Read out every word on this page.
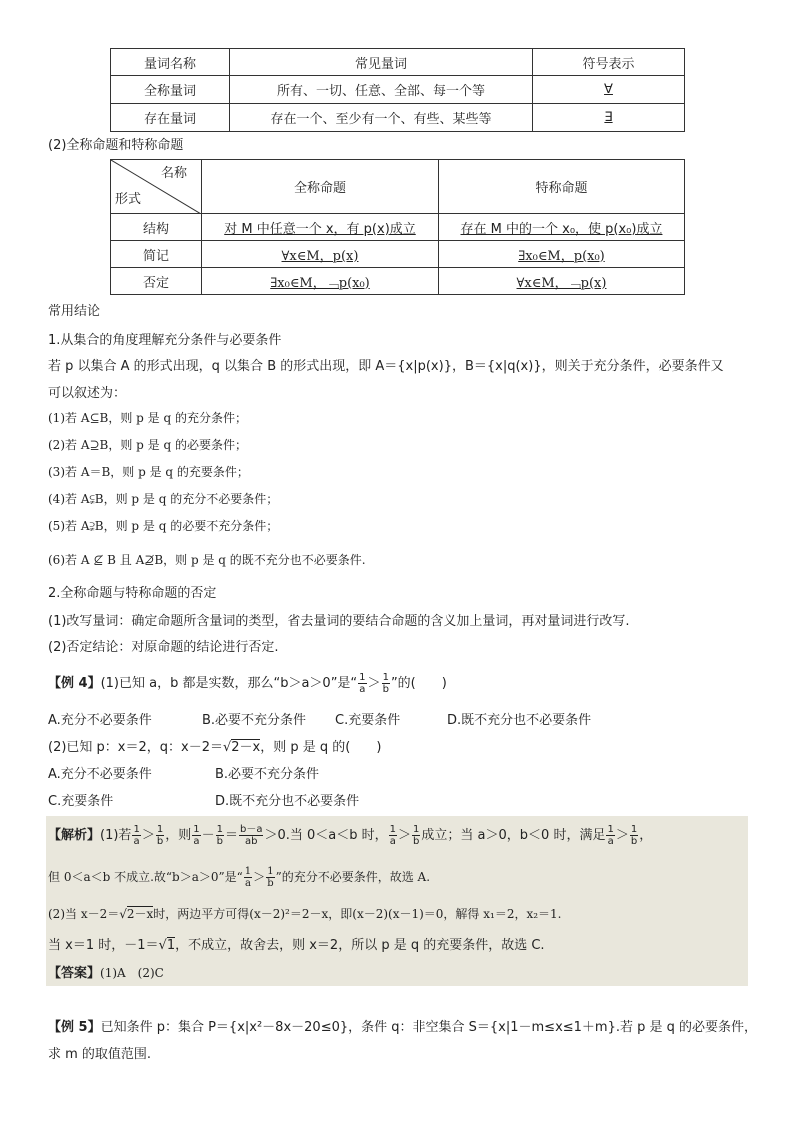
量词名称	常见量词	符号表示
全称量词	所有、一切、任意、全部、每一个等	∀
存在量词	存在一个、至少有一个、有些、某些等	∃
(2)全称命题和特称命题
名称
形式	全称命题	特称命题
结构	对 M 中任意一个 x，有 p(x)成立	存在 M 中的一个 x₀，使 p(x₀)成立
简记	∀x∈M，p(x)	∃x₀∈M，p(x₀)
否定	∃x₀∈M，﹁p(x₀)	∀x∈M，﹁p(x)
常用结论
1.从集合的角度理解充分条件与必要条件
若 p 以集合 A 的形式出现，q 以集合 B 的形式出现，即 A＝{x|p(x)}，B＝{x|q(x)}，则关于充分条件，必要条件又
可以叙述为：
(1)若 A⊆B，则 p 是 q 的充分条件；
(2)若 A⊇B，则 p 是 q 的必要条件；
(3)若 A＝B，则 p 是 q 的充要条件；
(4)若 A⫋B，则 p 是 q 的充分不必要条件；
(5)若 A⫌B，则 p 是 q 的必要不充分条件；
(6)若 A ⊈ B 且 A⊉B，则 p 是 q 的既不充分也不必要条件.
2.全称命题与特称命题的否定
(1)改写量词：确定命题所含量词的类型，省去量词的要结合命题的含义加上量词，再对量词进行改写.
(2)否定结论：对原命题的结论进行否定.
【例 4】(1)已知 a，b 都是实数，那么“b＞a＞0”是“ $\frac{1}{a} > \frac{1}{b}$ ”的(　　)
A.充分不必要条件	B.必要不充分条件 C.充要条件	D.既不充分也不必要条件
(2)已知 p：x＝2，q：x－2＝√2－x，则 p 是 q 的(　　)
A.充分不必要条件	B.必要不充分条件
C.充要条件	D.既不充分也不必要条件
【解析】(1)若 $\frac{1}{a} > \frac{1}{b}$ ，则 $\frac{1}{a} - \frac{1}{b} = \frac{b-a}{ab} >0$.当 0＜a＜b 时， $\frac{1}{a} > \frac{1}{b}$ 成立；当 a＞0，b＜0 时，满足 $\frac{1}{a} > \frac{1}{b}$ ，
但 0＜a＜b 不成立.故“b＞a＞0”是“ $\frac{1}{a} > \frac{1}{b}$ ”的充分不必要条件，故选 A.
(2)当 x－2＝√2－x时，两边平方可得(x－2)²＝2－x，即(x－2)(x－1)＝0，解得 x₁＝2，x₂＝1.
当 x＝1 时，－1＝√1，不成立，故舍去，则 x＝2，所以 p 是 q 的充要条件，故选 C.
【答案】(1)A　(2)C
【例 5】已知条件 p：集合 P＝{x|x²－8x－20≤0}，条件 q：非空集合 S＝{x|1－m≤x≤1＋m}.若 p 是 q 的必要条件，
求 m 的取值范围.
